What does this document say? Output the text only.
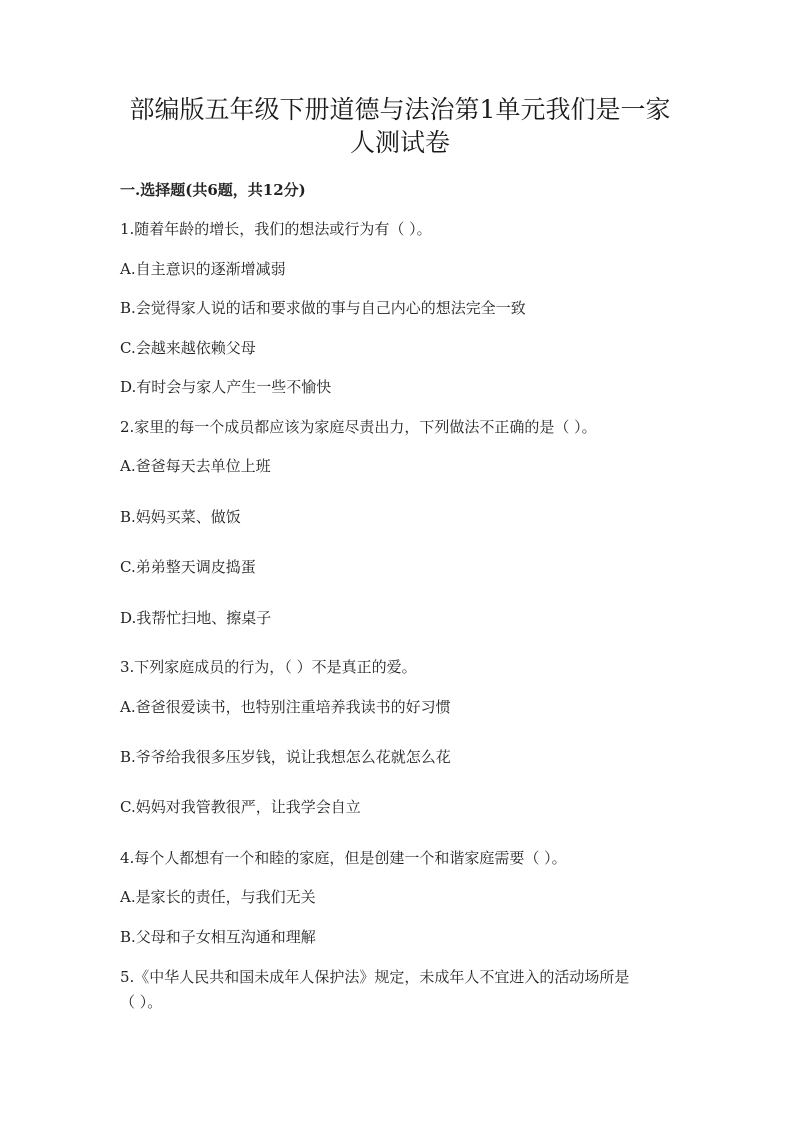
部编版五年级下册道德与法治第1单元我们是一家
人测试卷

一.选择题(共6题，共12分)

1.随着年龄的增长，我们的想法或行为有（ ）。

A.自主意识的逐渐增减弱

B.会觉得家人说的话和要求做的事与自己内心的想法完全一致

C.会越来越依赖父母

D.有时会与家人产生一些不愉快

2.家里的每一个成员都应该为家庭尽责出力，下列做法不正确的是（ ）。

A.爸爸每天去单位上班

B.妈妈买菜、做饭

C.弟弟整天调皮捣蛋

D.我帮忙扫地、擦桌子

3.下列家庭成员的行为，（ ）不是真正的爱。

A.爸爸很爱读书，也特别注重培养我读书的好习惯

B.爷爷给我很多压岁钱，说让我想怎么花就怎么花

C.妈妈对我管教很严，让我学会自立

4.每个人都想有一个和睦的家庭，但是创建一个和谐家庭需要（ ）。

A.是家长的责任，与我们无关

B.父母和子女相互沟通和理解

5.《中华人民共和国未成年人保护法》规定，未成年人不宜进入的活动场所是

（ ）。
